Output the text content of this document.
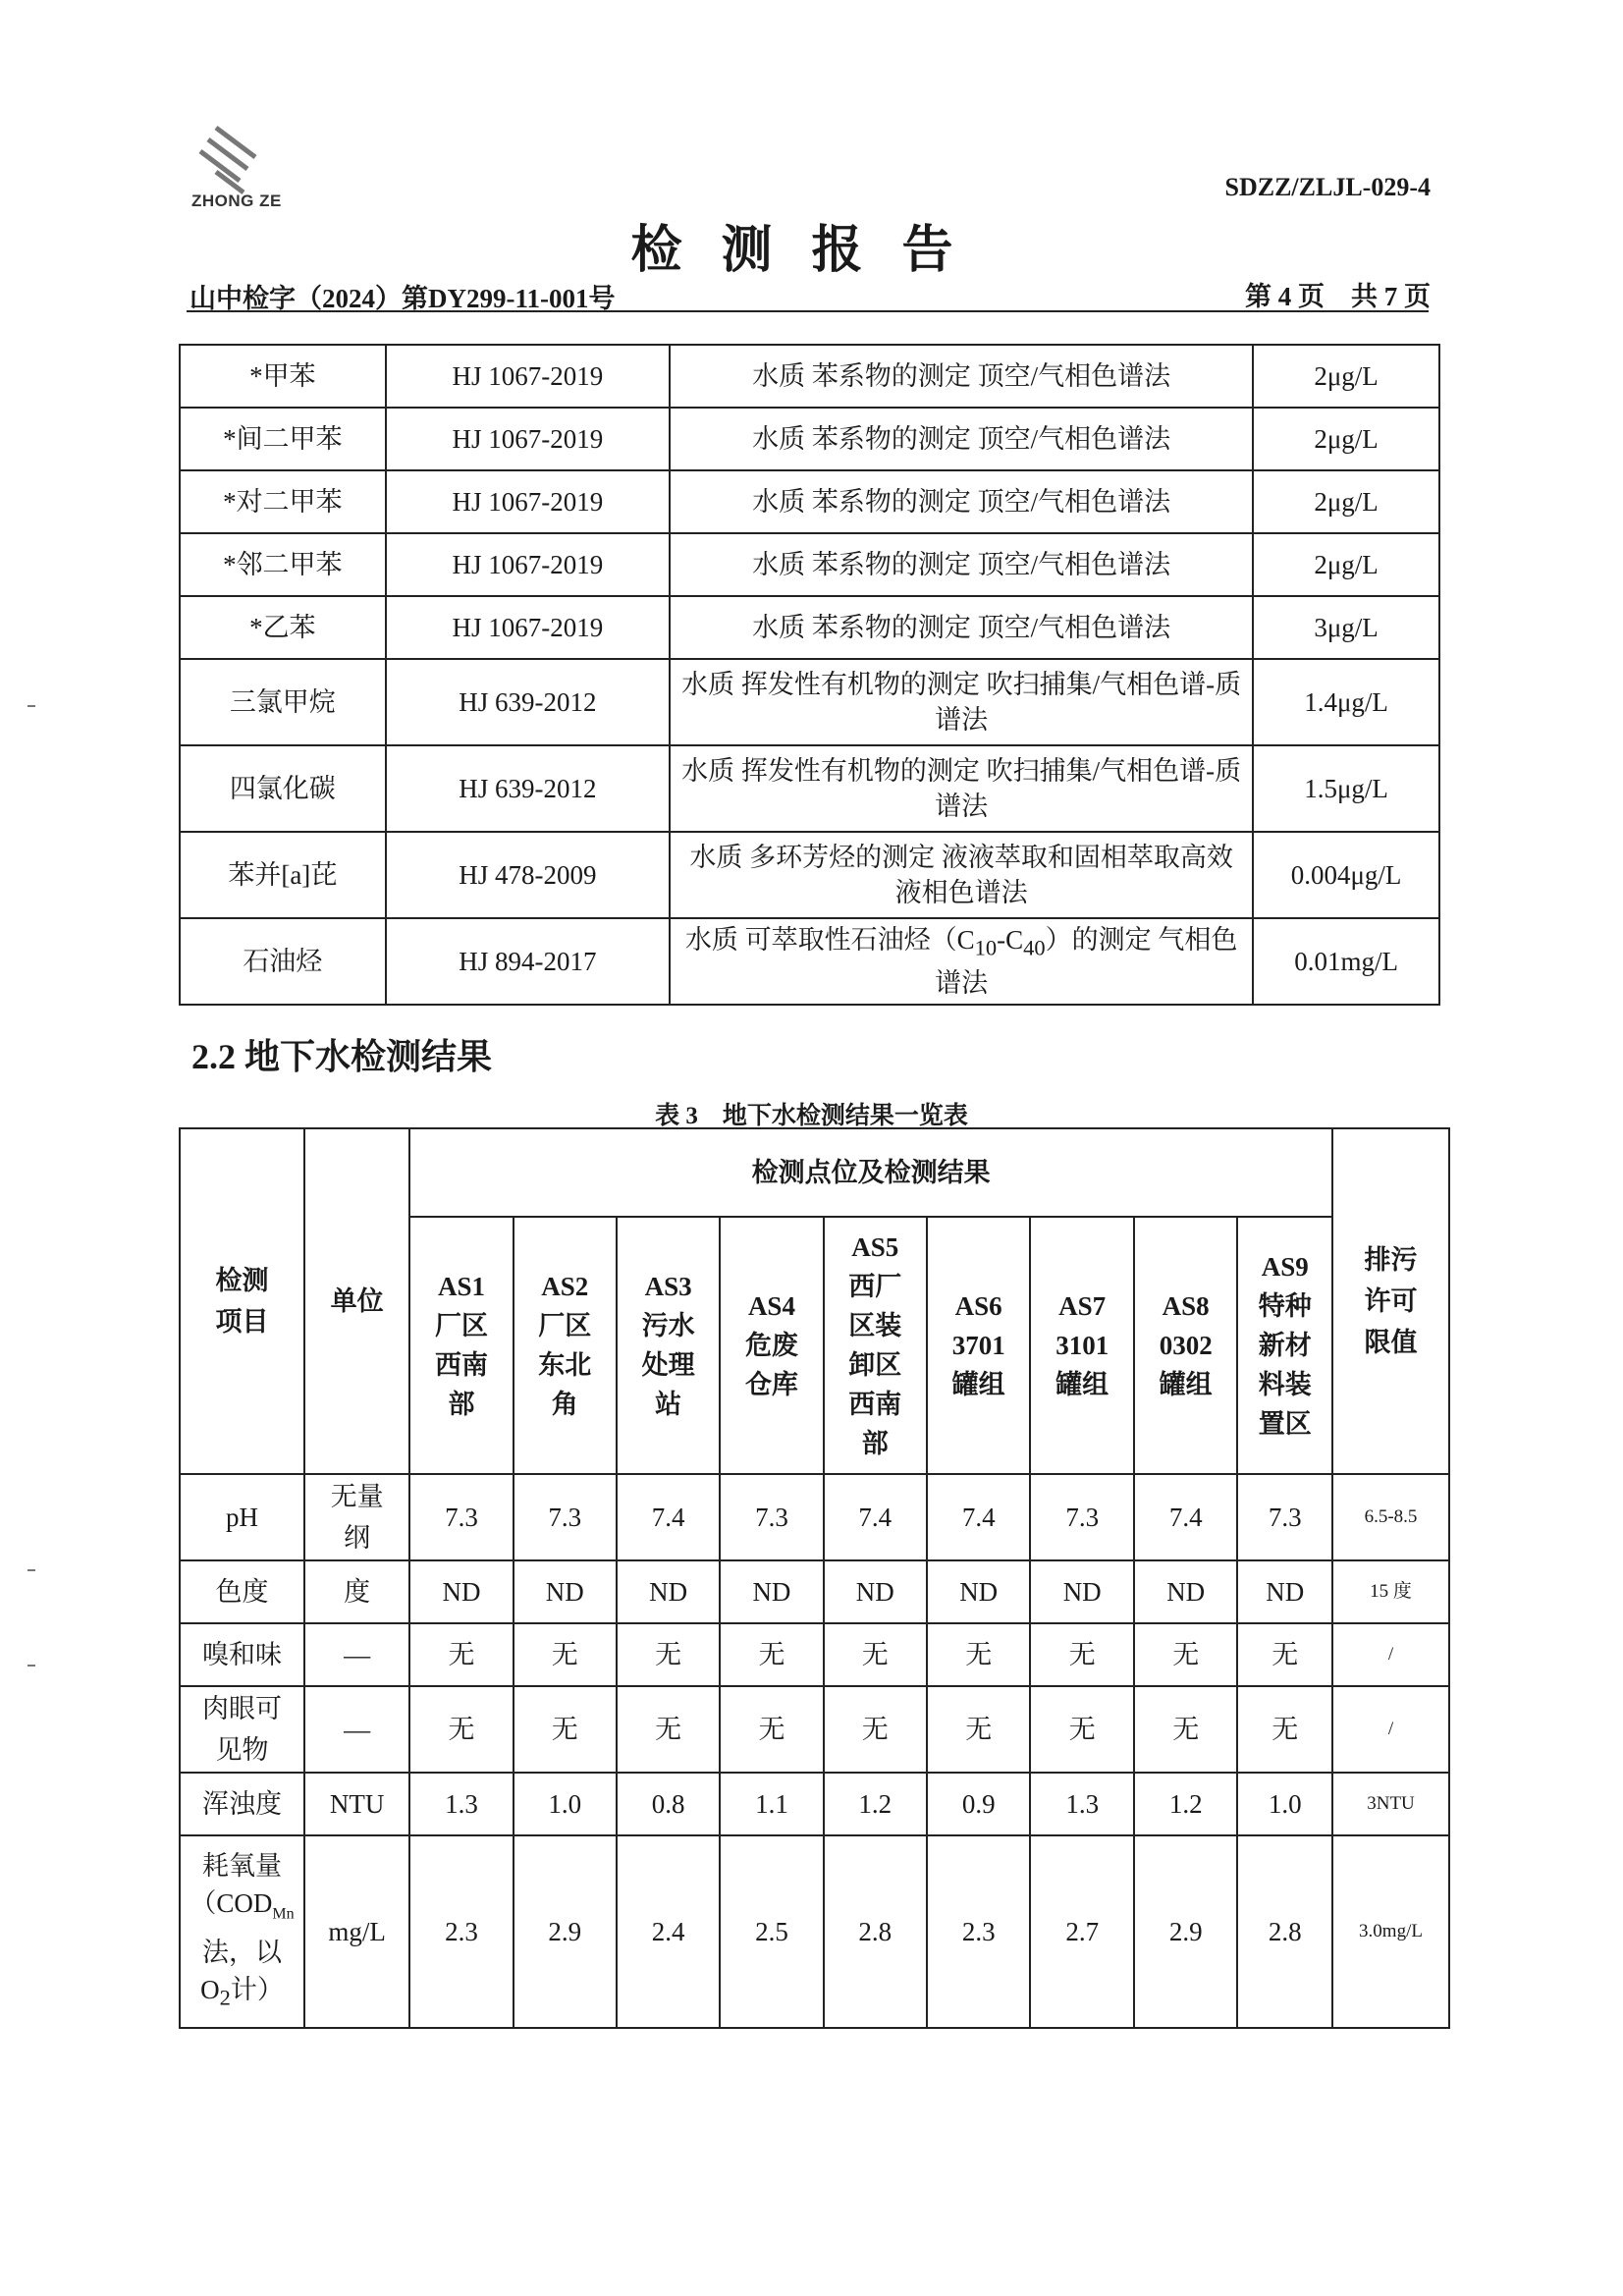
ZHONG ZE	SDZZ/ZLJL-029-4
检测报告
山中检字（2024）第DY299-11-001号	第 4 页　共 7 页
*甲苯	HJ 1067-2019	水质 苯系物的测定 顶空/气相色谱法	2μg/L
*间二甲苯	HJ 1067-2019	水质 苯系物的测定 顶空/气相色谱法	2μg/L
*对二甲苯	HJ 1067-2019	水质 苯系物的测定 顶空/气相色谱法	2μg/L
*邻二甲苯	HJ 1067-2019	水质 苯系物的测定 顶空/气相色谱法	2μg/L
*乙苯	HJ 1067-2019	水质 苯系物的测定 顶空/气相色谱法	3μg/L
三氯甲烷	HJ 639-2012	水质 挥发性有机物的测定 吹扫捕集/气相色谱-质谱法	1.4μg/L
四氯化碳	HJ 639-2012	水质 挥发性有机物的测定 吹扫捕集/气相色谱-质谱法	1.5μg/L
苯并[a]芘	HJ 478-2009	水质 多环芳烃的测定 液液萃取和固相萃取高效液相色谱法	0.004μg/L
石油烃	HJ 894-2017	水质 可萃取性石油烃$(C_{10}-C_{40})$的测定 气相色谱法	0.01mg/L
2.2 地下水检测结果
表 3　地下水检测结果一览表
检测项目	单位	检测点位及检测结果									排污许可限值
		AS1厂区西南部	AS2厂区东北角	AS3污水处理站	AS4危废仓库	AS5西厂区装卸区西南部	AS6 3701罐组	AS7 3101罐组	AS8 0302罐组	AS9特种新材料装置区	
pH	无量纲	7.3	7.3	7.4	7.3	7.4	7.4	7.3	7.4	7.3	6.5-8.5
色度	度	ND	ND	ND	ND	ND	ND	ND	ND	ND	15 度
嗅和味	—	无	无	无	无	无	无	无	无	无	/
肉眼可见物	—	无	无	无	无	无	无	无	无	无	/
浑浊度	NTU	1.3	1.0	0.8	1.1	1.2	0.9	1.3	1.2	1.0	3NTU
耗氧量（$COD_{Mn}$法，以 $O_2$计）	mg/L	2.3	2.9	2.4	2.5	2.8	2.3	2.7	2.9	2.8	3.0mg/L
